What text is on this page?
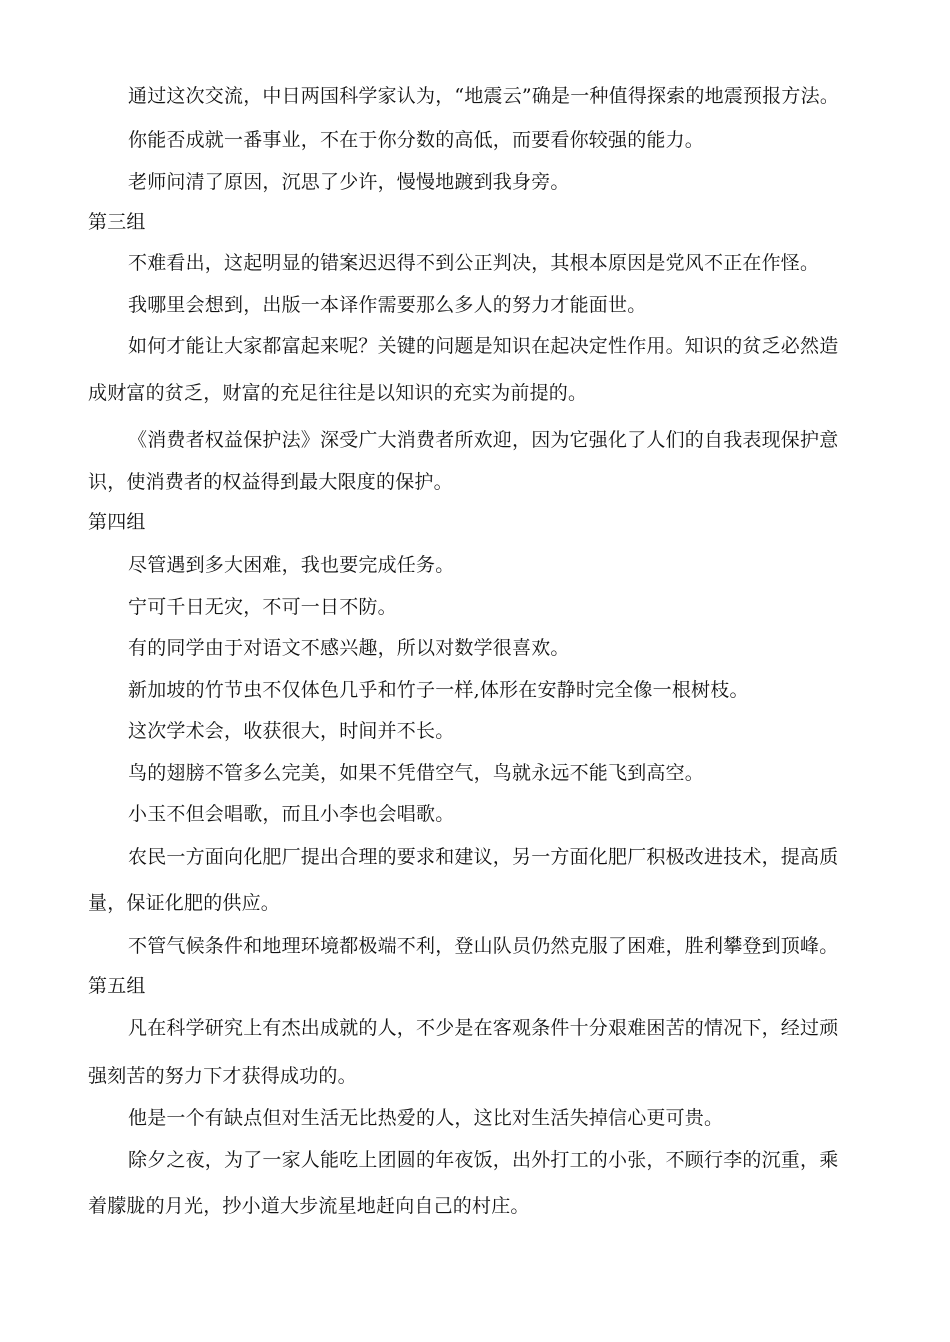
通过这次交流，中日两国科学家认为，“地震云”确是一种值得探索的地震预报方法。
你能否成就一番事业，不在于你分数的高低，而要看你较强的能力。
老师问清了原因，沉思了少许，慢慢地踱到我身旁。
第三组
不难看出，这起明显的错案迟迟得不到公正判决，其根本原因是党风不正在作怪。
我哪里会想到，出版一本译作需要那么多人的努力才能面世。
如何才能让大家都富起来呢？关键的问题是知识在起决定性作用。知识的贫乏必然造
成财富的贫乏，财富的充足往往是以知识的充实为前提的。
《消费者权益保护法》深受广大消费者所欢迎，因为它强化了人们的自我表现保护意
识，使消费者的权益得到最大限度的保护。
第四组
尽管遇到多大困难，我也要完成任务。
宁可千日无灾，不可一日不防。
有的同学由于对语文不感兴趣，所以对数学很喜欢。
新加坡的竹节虫不仅体色几乎和竹子一样,体形在安静时完全像一根树枝。
这次学术会，收获很大，时间并不长。
鸟的翅膀不管多么完美，如果不凭借空气，鸟就永远不能飞到高空。
小玉不但会唱歌，而且小李也会唱歌。
农民一方面向化肥厂提出合理的要求和建议，另一方面化肥厂积极改进技术，提高质
量，保证化肥的供应。
不管气候条件和地理环境都极端不利，登山队员仍然克服了困难，胜利攀登到顶峰。
第五组
凡在科学研究上有杰出成就的人，不少是在客观条件十分艰难困苦的情况下，经过顽
强刻苦的努力下才获得成功的。
他是一个有缺点但对生活无比热爱的人，这比对生活失掉信心更可贵。
除夕之夜，为了一家人能吃上团圆的年夜饭，出外打工的小张，不顾行李的沉重，乘
着朦胧的月光，抄小道大步流星地赶向自己的村庄。
